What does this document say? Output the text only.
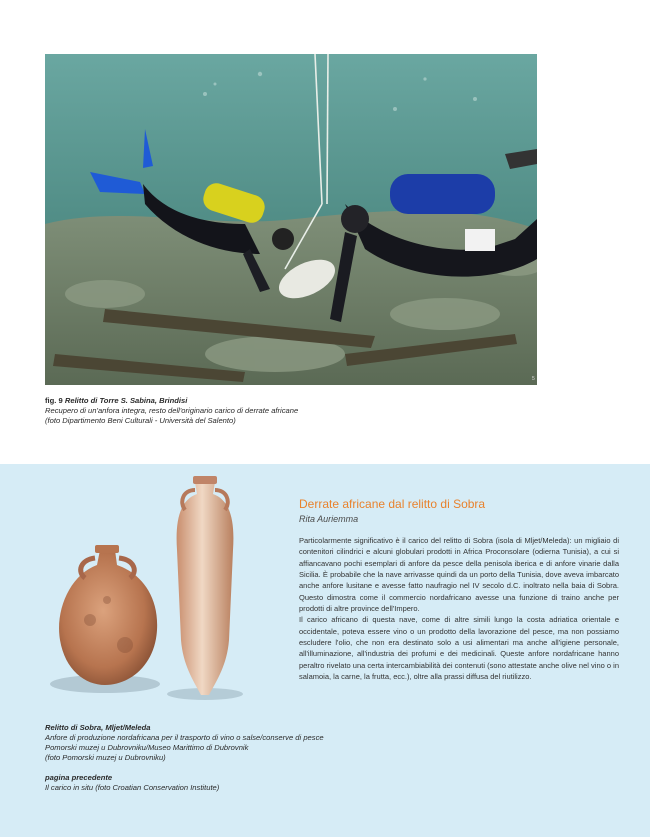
5
fig. 9 Relitto di Torre S. Sabina, Brindisi
Recupero di un'anfora integra, resto dell'originario carico di derrate africane
(foto Dipartimento Beni Culturali - Università del Salento)
Derrate africane dal relitto di Sobra
Rita Auriemma

Particolarmente significativo è il carico del relitto di Sobra (isola di Mljet/Meleda): un migliaio di contenitori cilindrici e alcuni globulari prodotti in Africa Proconsolare (odierna Tunisia), a cui si affiancavano pochi esemplari di anfore da pesce della penisola iberica e di anfore vinarie dalla Sicilia. È probabile che la nave arrivasse quindi da un porto della Tunisia, dove aveva imbarcato anche anfore lusitane e avesse fatto naufragio nel IV secolo d.C. inoltrato nella baia di Sobra. Questo dimostra come il commercio nordafricano avesse una funzione di traino anche per prodotti di altre province dell'Impero.

Il carico africano di questa nave, come di altre simili lungo la costa adriatica orientale e occidentale, poteva essere vino o un prodotto della lavorazione del pesce, ma non possiamo escludere l'olio, che non era destinato solo a usi alimentari ma anche all'igiene personale, all'illuminazione, all'industria dei profumi e dei medicinali. Queste anfore nordafricane hanno peraltro rivelato una certa intercambiabilità dei contenuti (sono attestate anche olive nel vino o in salamoia, la carne, la frutta, ecc.), oltre alla prassi diffusa del riutilizzo.

Relitto di Sobra, Mljet/Meleda
Anfore di produzione nordafricana per il trasporto di vino o salse/conserve di pesce
Pomorski muzej u Dubrovniku/Museo Marittimo di Dubrovnik
(foto Pomorski muzej u Dubrovniku)
pagina precedente
Il carico in situ (foto Croatian Conservation Institute)
